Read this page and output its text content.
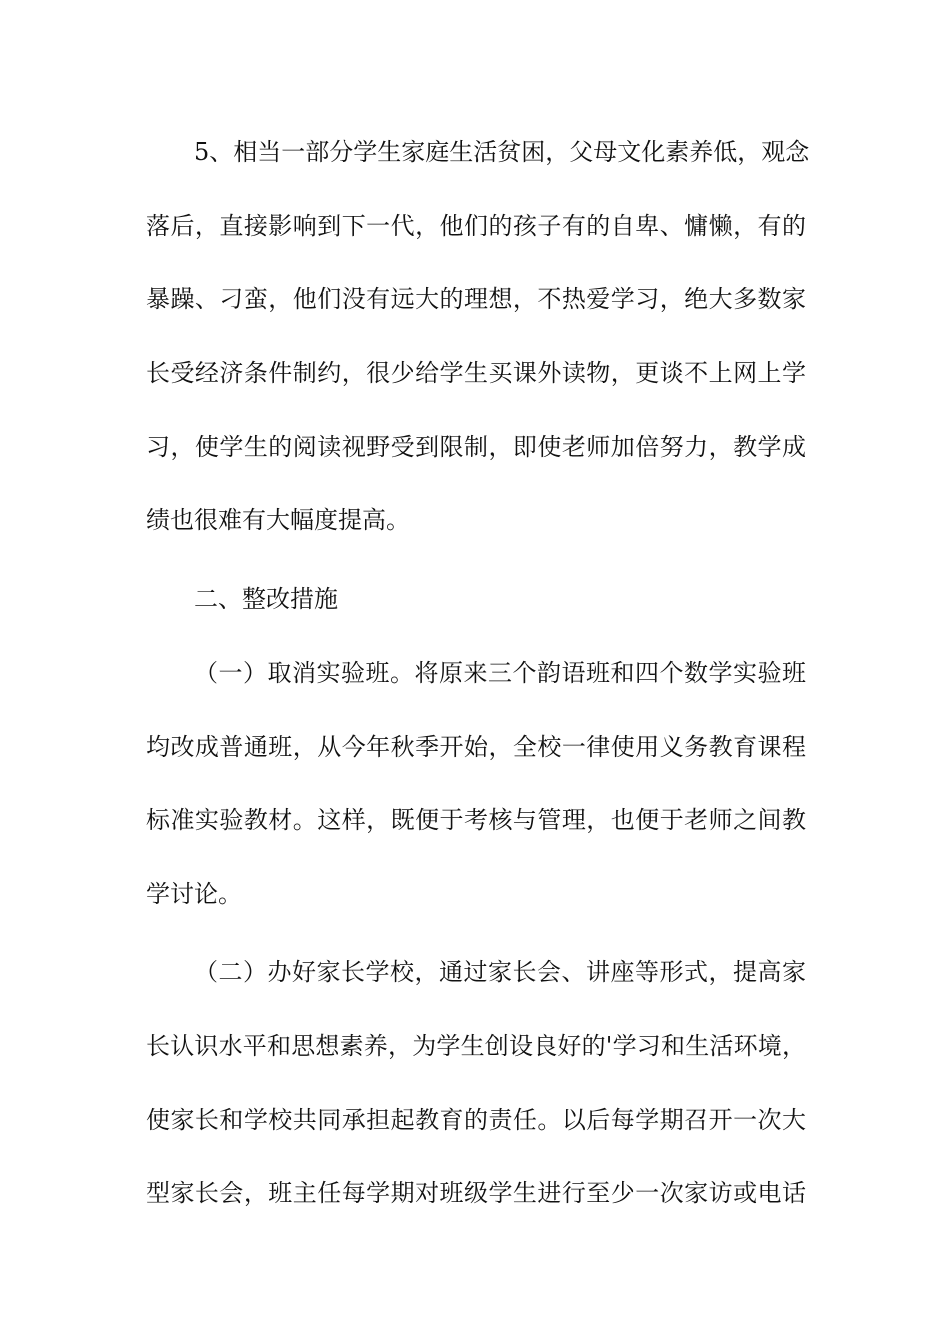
5、相当一部分学生家庭生活贫困，父母文化素养低，观念
落后，直接影响到下一代，他们的孩子有的自卑、慵懒，有的
暴躁、刁蛮，他们没有远大的理想，不热爱学习，绝大多数家
长受经济条件制约，很少给学生买课外读物，更谈不上网上学
习，使学生的阅读视野受到限制，即使老师加倍努力，教学成
绩也很难有大幅度提高。
二、整改措施
（一）取消实验班。将原来三个韵语班和四个数学实验班
均改成普通班，从今年秋季开始，全校一律使用义务教育课程
标准实验教材。这样，既便于考核与管理，也便于老师之间教
学讨论。
（二）办好家长学校，通过家长会、讲座等形式，提高家
长认识水平和思想素养，为学生创设良好的'学习和生活环境，
使家长和学校共同承担起教育的责任。以后每学期召开一次大
型家长会，班主任每学期对班级学生进行至少一次家访或电话
